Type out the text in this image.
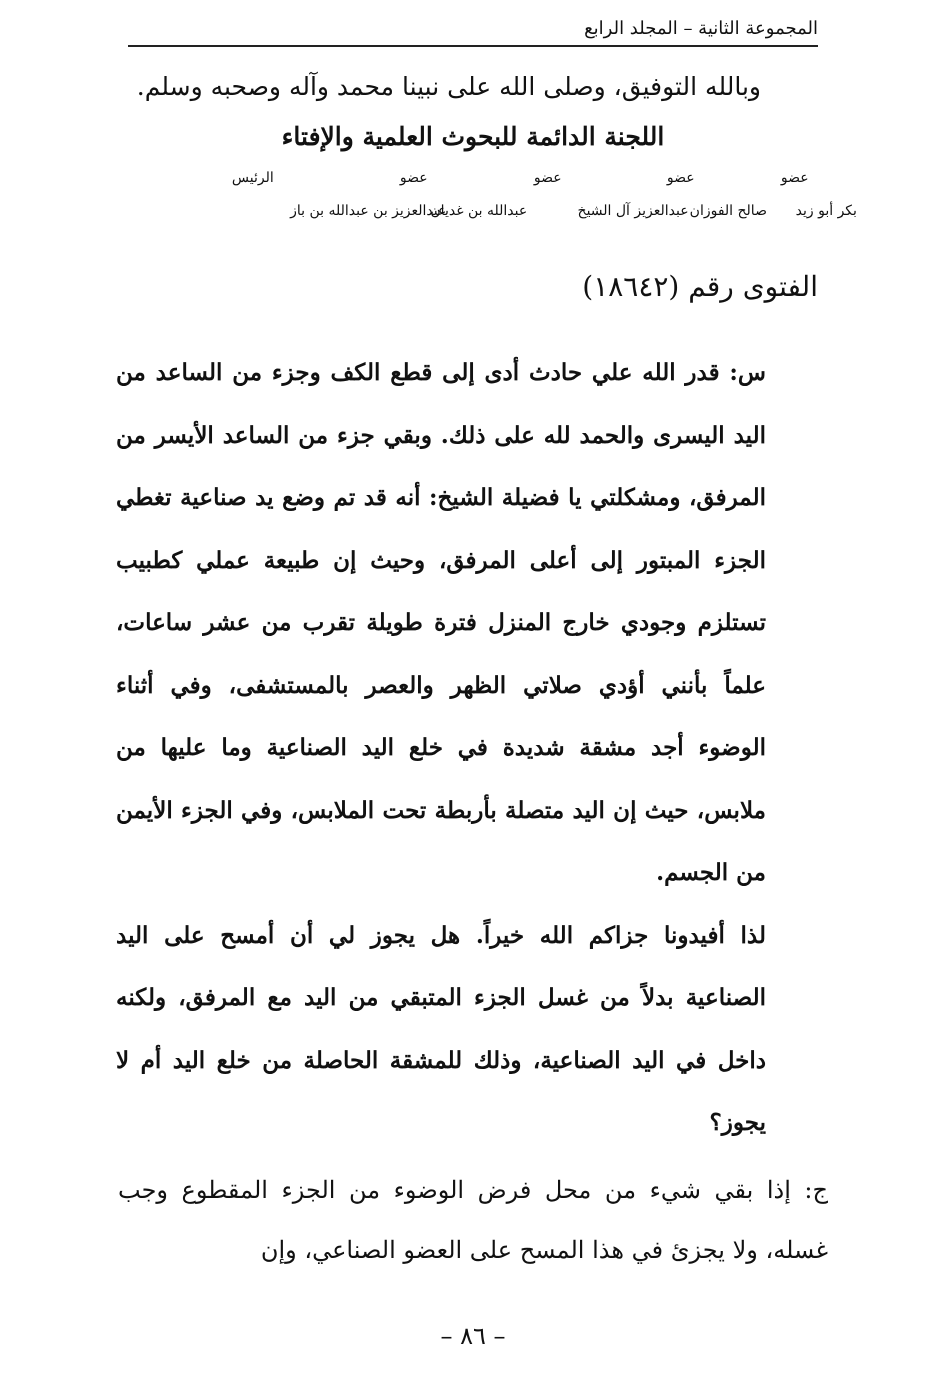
المجموعة الثانية – المجلد الرابع
وبالله التوفيق، وصلى الله على نبينا محمد وآله وصحبه وسلم.
اللجنة الدائمة للبحوث العلمية والإفتاء
عضو
عضو
عضو
عضو
الرئيس
بكر أبو زيد
صالح الفوزان
عبدالعزيز آل الشيخ
عبدالله بن غديان
عبدالعزيز بن عبدالله بن باز
الفتوى رقم (١٨٦٤٢)

س: قدر الله علي حادث أدى إلى قطع الكف وجزء من الساعد من اليد اليسرى والحمد لله على ذلك. وبقي جزء من الساعد الأيسر من المرفق، ومشكلتي يا فضيلة الشيخ: أنه قد تم وضع يد صناعية تغطي الجزء المبتور إلى أعلى المرفق، وحيث إن طبيعة عملي كطبيب تستلزم وجودي خارج المنزل فترة طويلة تقرب من عشر ساعات، علماً بأنني أؤدي صلاتي الظهر والعصر بالمستشفى، وفي أثناء الوضوء أجد مشقة شديدة في خلع اليد الصناعية وما عليها من ملابس، حيث إن اليد متصلة بأربطة تحت الملابس، وفي الجزء الأيمن من الجسم.

لذا أفيدونا جزاكم الله خيراً. هل يجوز لي أن أمسح على اليد الصناعية بدلاً من غسل الجزء المتبقي من اليد مع المرفق، ولكنه داخل في اليد الصناعية، وذلك للمشقة الحاصلة من خلع اليد أم لا يجوز؟

ج: إذا بقي شيء من محل فرض الوضوء من الجزء المقطوع وجب غسله، ولا يجزئ في هذا المسح على العضو الصناعي، وإن
– ٨٦ –
